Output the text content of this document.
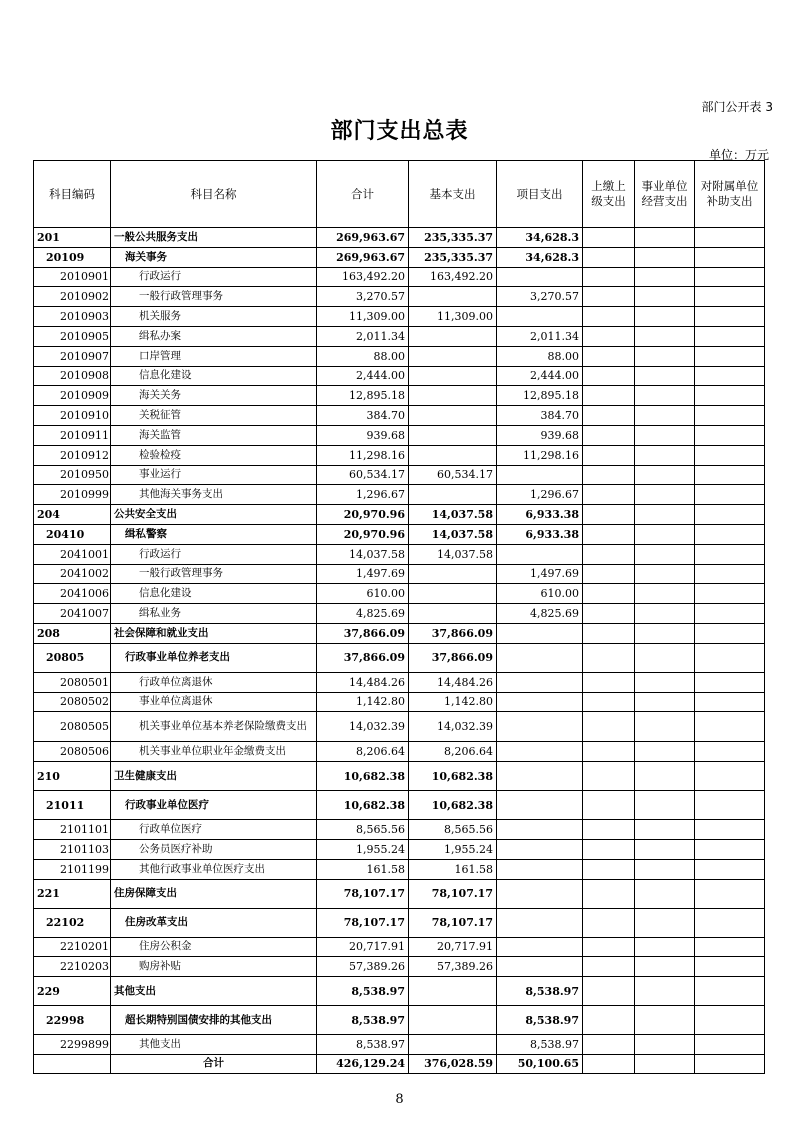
部门公开表 3
部门支出总表
单位：万元
科目编码	科目名称	合计	基本支出	项目支出	上缴上级支出	事业单位经营支出	对附属单位补助支出
201	一般公共服务支出	269,963.67	235,335.37	34,628.3			
20109	海关事务	269,963.67	235,335.37	34,628.3			
2010901	行政运行	163,492.20	163,492.20				
2010902	一般行政管理事务	3,270.57		3,270.57			
2010903	机关服务	11,309.00	11,309.00				
2010905	缉私办案	2,011.34		2,011.34			
2010907	口岸管理	88.00		88.00			
2010908	信息化建设	2,444.00		2,444.00			
2010909	海关关务	12,895.18		12,895.18			
2010910	关税征管	384.70		384.70			
2010911	海关监管	939.68		939.68			
2010912	检验检疫	11,298.16		11,298.16			
2010950	事业运行	60,534.17	60,534.17				
2010999	其他海关事务支出	1,296.67		1,296.67			
204	公共安全支出	20,970.96	14,037.58	6,933.38			
20410	缉私警察	20,970.96	14,037.58	6,933.38			
2041001	行政运行	14,037.58	14,037.58				
2041002	一般行政管理事务	1,497.69		1,497.69			
2041006	信息化建设	610.00		610.00			
2041007	缉私业务	4,825.69		4,825.69			
208	社会保障和就业支出	37,866.09	37,866.09				
20805	行政事业单位养老支出	37,866.09	37,866.09				
2080501	行政单位离退休	14,484.26	14,484.26				
2080502	事业单位离退休	1,142.80	1,142.80				
2080505	机关事业单位基本养老保险缴费支出	14,032.39	14,032.39				
2080506	机关事业单位职业年金缴费支出	8,206.64	8,206.64				
210	卫生健康支出	10,682.38	10,682.38				
21011	行政事业单位医疗	10,682.38	10,682.38				
2101101	行政单位医疗	8,565.56	8,565.56				
2101103	公务员医疗补助	1,955.24	1,955.24				
2101199	其他行政事业单位医疗支出	161.58	161.58				
221	住房保障支出	78,107.17	78,107.17				
22102	住房改革支出	78,107.17	78,107.17				
2210201	住房公积金	20,717.91	20,717.91				
2210203	购房补贴	57,389.26	57,389.26				
229	其他支出	8,538.97		8,538.97			
22998	超长期特别国债安排的其他支出	8,538.97		8,538.97			
2299899	其他支出	8,538.97		8,538.97			
	合计	426,129.24	376,028.59	50,100.65			
8
